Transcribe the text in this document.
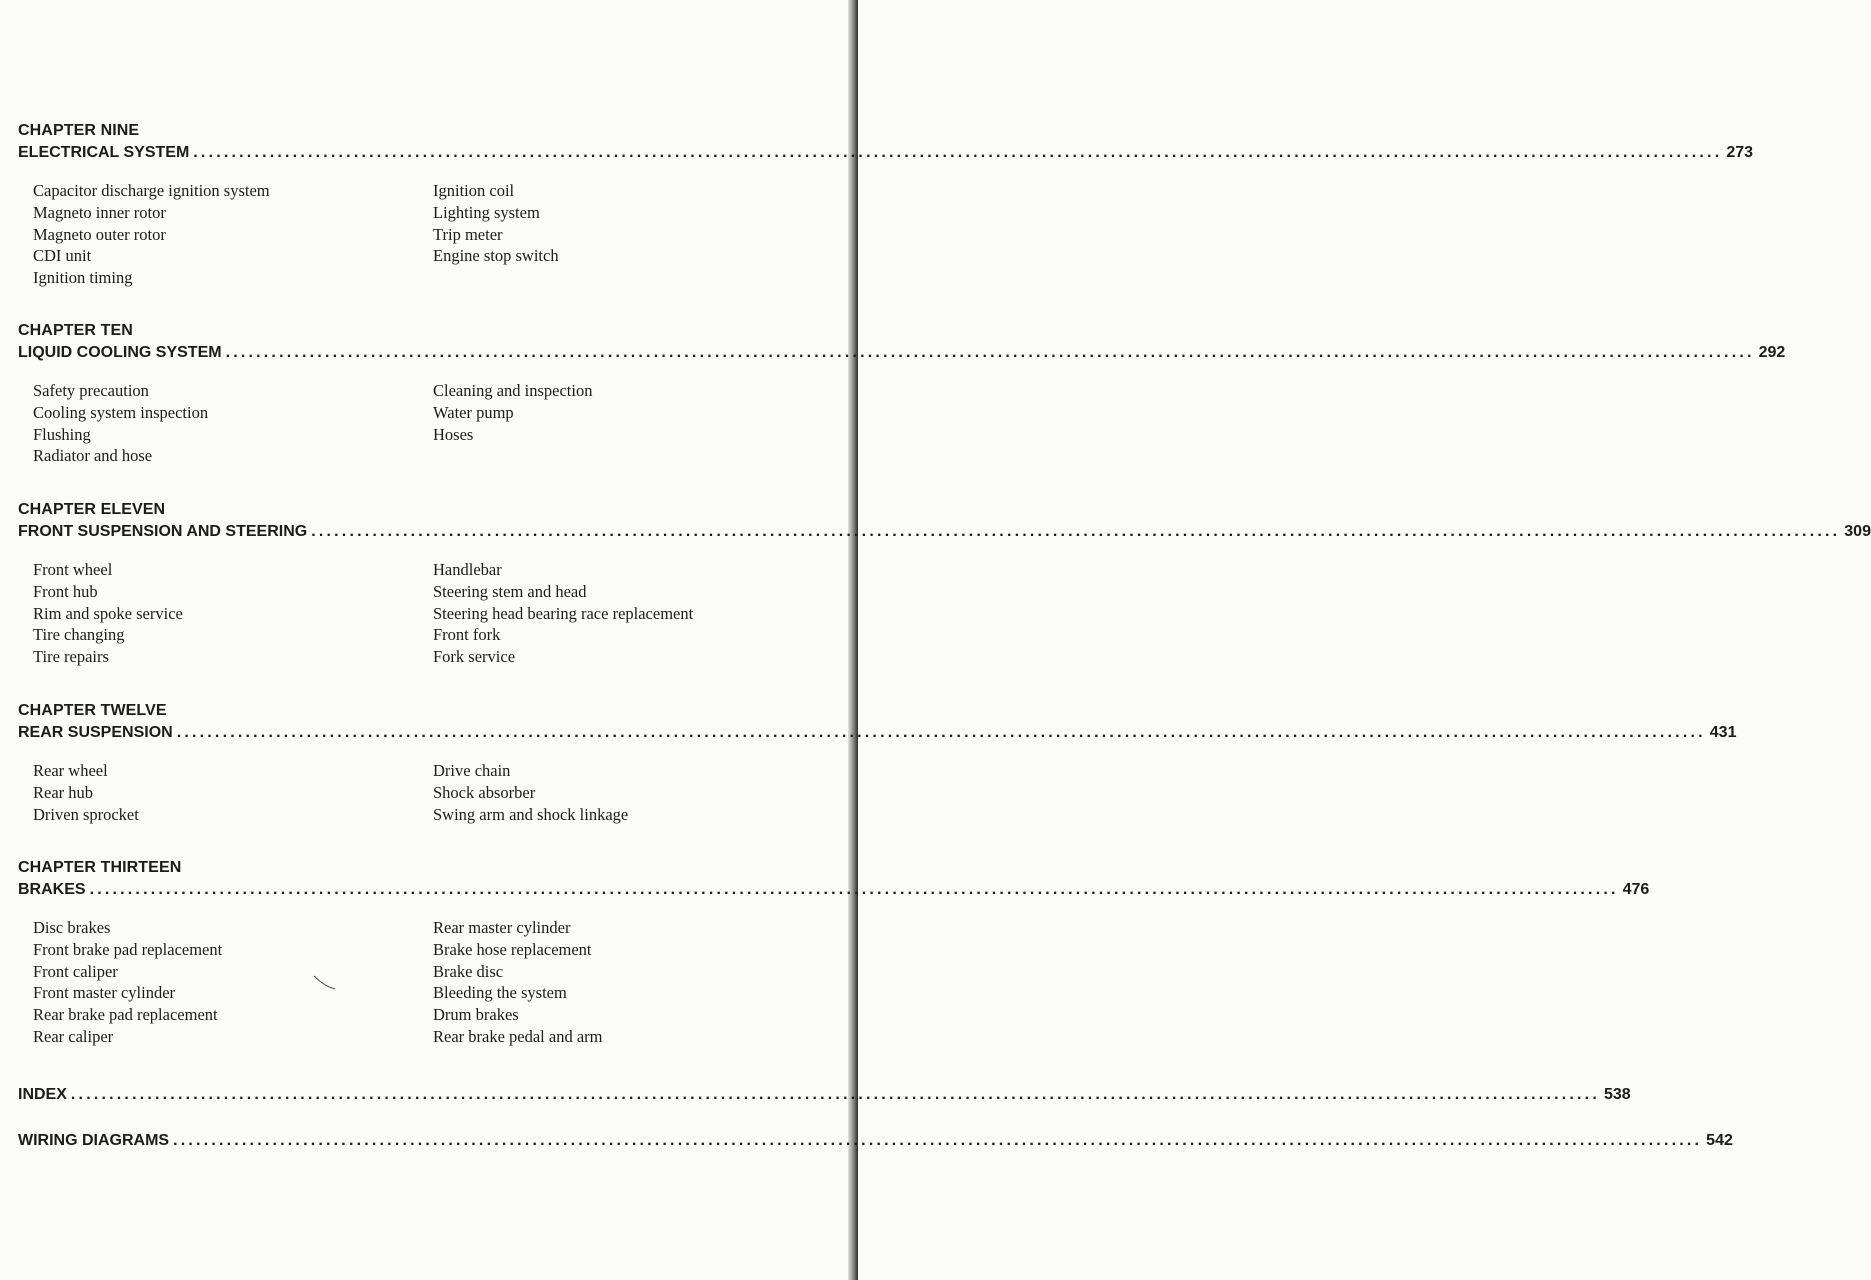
CHAPTER NINE
ELECTRICAL SYSTEM ........................................................................................................................................................................................................ 273
Capacitor discharge ignition system
Magneto inner rotor
Magneto outer rotor
CDI unit
Ignition timing
Ignition coil
Lighting system
Trip meter
Engine stop switch
CHAPTER TEN
LIQUID COOLING SYSTEM ........................................................................................................................................................................................................ 292
Safety precaution
Cooling system inspection
Flushing
Radiator and hose
Cleaning and inspection
Water pump
Hoses
CHAPTER ELEVEN
FRONT SUSPENSION AND STEERING ........................................................................................................................................................................................................ 309
Front wheel
Front hub
Rim and spoke service
Tire changing
Tire repairs
Handlebar
Steering stem and head
Steering head bearing race replacement
Front fork
Fork service
CHAPTER TWELVE
REAR SUSPENSION ........................................................................................................................................................................................................ 431
Rear wheel
Rear hub
Driven sprocket
Drive chain
Shock absorber
Swing arm and shock linkage
CHAPTER THIRTEEN
BRAKES ........................................................................................................................................................................................................ 476
Disc brakes
Front brake pad replacement
Front caliper
Front master cylinder
Rear brake pad replacement
Rear caliper
Rear master cylinder
Brake hose replacement
Brake disc
Bleeding the system
Drum brakes
Rear brake pedal and arm
INDEX ........................................................................................................................................................................................................ 538
WIRING DIAGRAMS ........................................................................................................................................................................................................ 542
